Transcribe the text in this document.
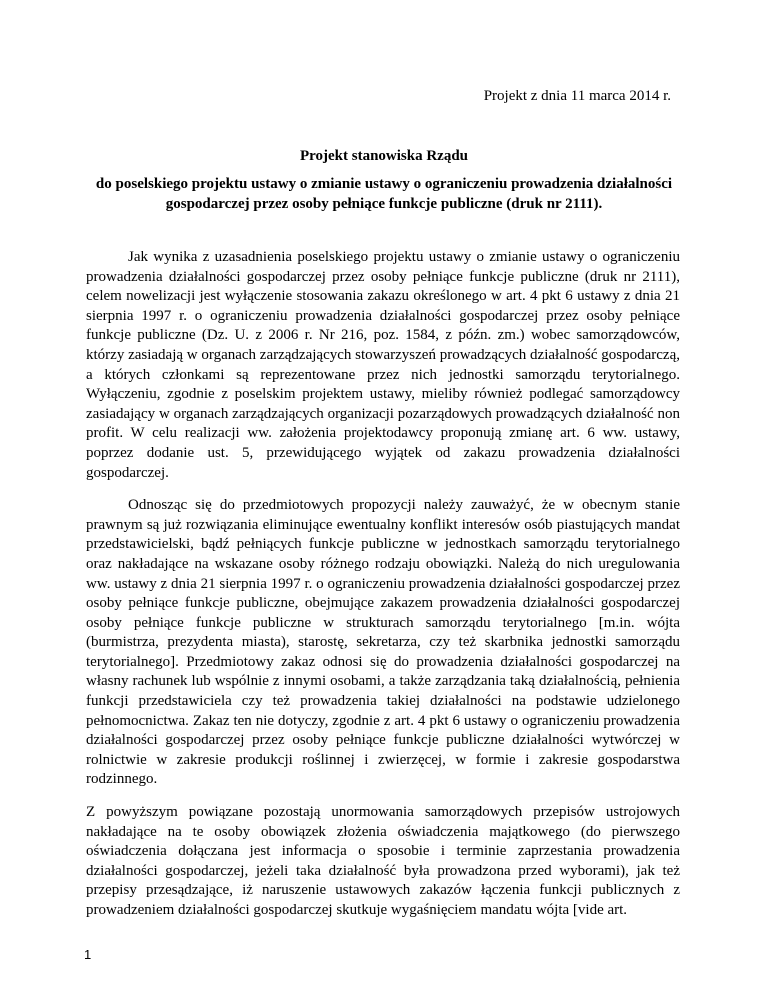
Projekt z dnia 11 marca 2014 r.
Projekt stanowiska Rządu
do poselskiego projektu ustawy o zmianie ustawy o ograniczeniu prowadzenia działalności gospodarczej przez osoby pełniące funkcje publiczne (druk nr 2111).

Jak wynika z uzasadnienia poselskiego projektu ustawy o zmianie ustawy o ograniczeniu prowadzenia działalności gospodarczej przez osoby pełniące funkcje publiczne (druk nr 2111), celem nowelizacji jest wyłączenie stosowania zakazu określonego w art. 4 pkt 6 ustawy z dnia 21 sierpnia 1997 r. o ograniczeniu prowadzenia działalności gospodarczej przez osoby pełniące funkcje publiczne (Dz. U. z 2006 r. Nr 216, poz. 1584, z późn. zm.) wobec samorządowców, którzy zasiadają w organach zarządzających stowarzyszeń prowadzących działalność gospodarczą, a których członkami są reprezentowane przez nich jednostki samorządu terytorialnego. Wyłączeniu, zgodnie z poselskim projektem ustawy, mieliby również podlegać samorządowcy zasiadający w organach zarządzających organizacji pozarządowych prowadzących działalność non profit. W celu realizacji ww. założenia projektodawcy proponują zmianę art. 6 ww. ustawy, poprzez dodanie ust. 5, przewidującego wyjątek od zakazu prowadzenia działalności gospodarczej.

Odnosząc się do przedmiotowych propozycji należy zauważyć, że w obecnym stanie prawnym są już rozwiązania eliminujące ewentualny konflikt interesów osób piastujących mandat przedstawicielski, bądź pełniących funkcje publiczne w jednostkach samorządu terytorialnego oraz nakładające na wskazane osoby różnego rodzaju obowiązki. Należą do nich uregulowania ww. ustawy z dnia 21 sierpnia 1997 r. o ograniczeniu prowadzenia działalności gospodarczej przez osoby pełniące funkcje publiczne, obejmujące zakazem prowadzenia działalności gospodarczej osoby pełniące funkcje publiczne w strukturach samorządu terytorialnego [m.in. wójta (burmistrza, prezydenta miasta), starostę, sekretarza, czy też skarbnika jednostki samorządu terytorialnego]. Przedmiotowy zakaz odnosi się do prowadzenia działalności gospodarczej na własny rachunek lub wspólnie z innymi osobami, a także zarządzania taką działalnością, pełnienia funkcji przedstawiciela czy też prowadzenia takiej działalności na podstawie udzielonego pełnomocnictwa. Zakaz ten nie dotyczy, zgodnie z art. 4 pkt 6 ustawy o ograniczeniu prowadzenia działalności gospodarczej przez osoby pełniące funkcje publiczne działalności wytwórczej w rolnictwie w zakresie produkcji roślinnej i zwierzęcej, w formie i zakresie gospodarstwa rodzinnego.

Z powyższym powiązane pozostają unormowania samorządowych przepisów ustrojowych nakładające na te osoby obowiązek złożenia oświadczenia majątkowego (do pierwszego oświadczenia dołączana jest informacja o sposobie i terminie zaprzestania prowadzenia działalności gospodarczej, jeżeli taka działalność była prowadzona przed wyborami), jak też przepisy przesądzające, iż naruszenie ustawowych zakazów łączenia funkcji publicznych z prowadzeniem działalności gospodarczej skutkuje wygaśnięciem mandatu wójta [vide art.

1
